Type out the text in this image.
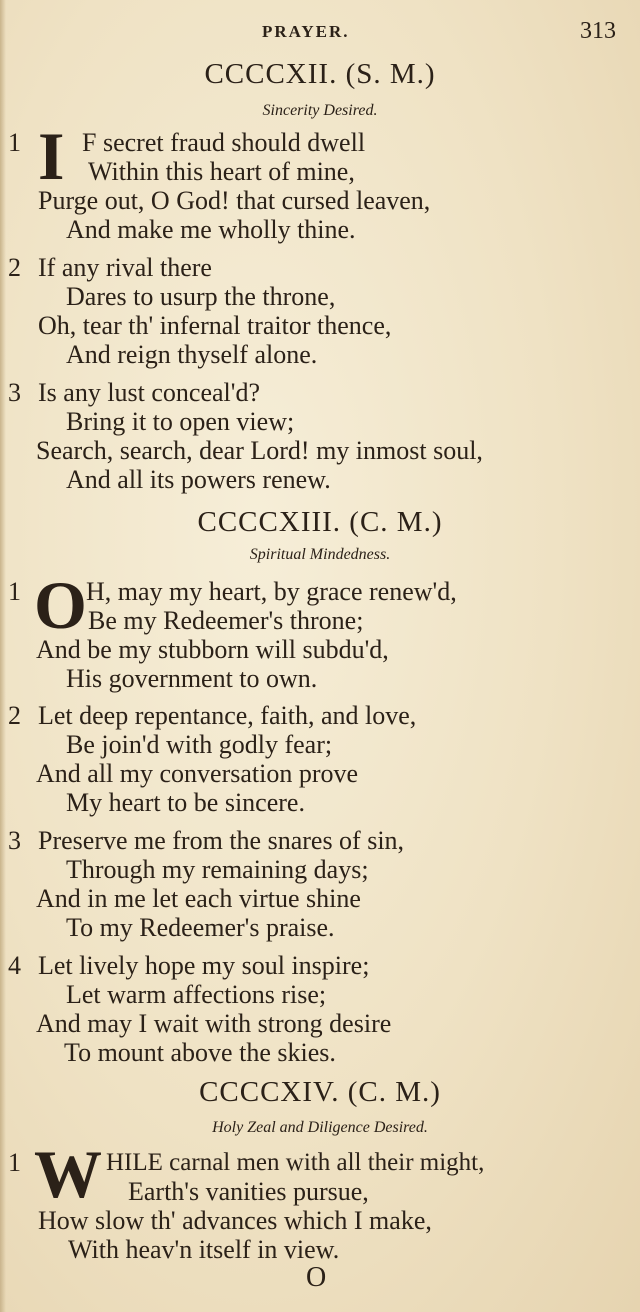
PRAYER.	313
CCCCXII. (S. M.)
Sincerity Desired.
1 I F secret fraud should dwell
Within this heart of mine,
Purge out, O God! that cursed leaven,
And make me wholly thine.
2 If any rival there
Dares to usurp the throne,
Oh, tear th' infernal traitor thence,
And reign thyself alone.
3 Is any lust conceal'd?
Bring it to open view;
Search, search, dear Lord! my inmost soul,
And all its powers renew.
CCCCXIII. (C. M.)
Spiritual Mindedness.
1 O H, may my heart, by grace renew'd,
Be my Redeemer's throne;
And be my stubborn will subdu'd,
His government to own.
2 Let deep repentance, faith, and love,
Be join'd with godly fear;
And all my conversation prove
My heart to be sincere.
3 Preserve me from the snares of sin,
Through my remaining days;
And in me let each virtue shine
To my Redeemer's praise.
4 Let lively hope my soul inspire;
Let warm affections rise;
And may I wait with strong desire
To mount above the skies.
CCCCXIV. (C. M.)
Holy Zeal and Diligence Desired.
1 W HILE carnal men with all their might,
Earth's vanities pursue,
How slow th' advances which I make,
With heav'n itself in view.
O
